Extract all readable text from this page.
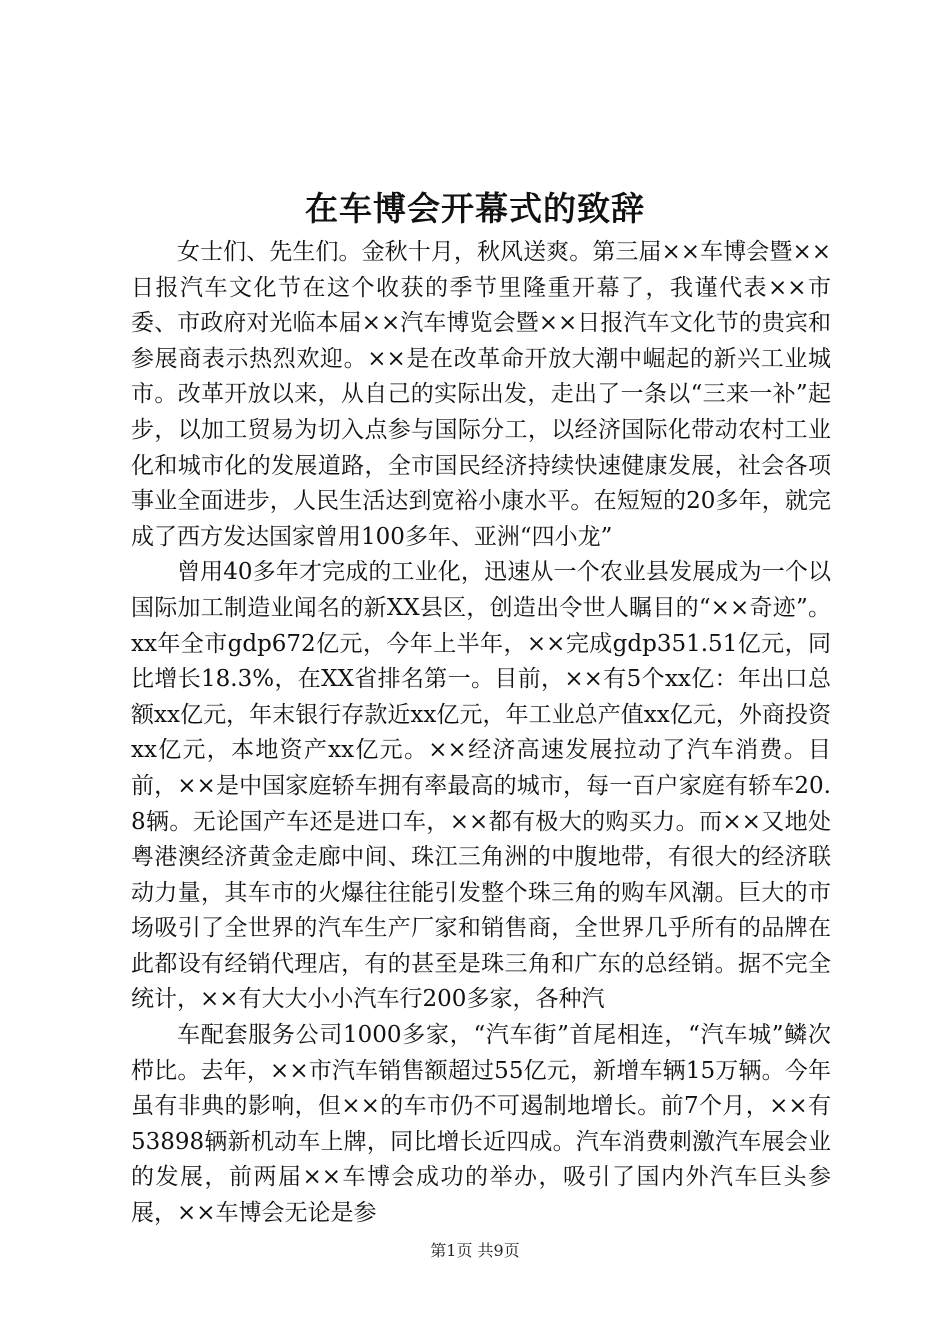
在车博会开幕式的致辞

女士们、先生们。金秋十月，秋风送爽。第三届××车博会暨××日报汽车文化节在这个收获的季节里隆重开幕了，我谨代表××市委、市政府对光临本届××汽车博览会暨××日报汽车文化节的贵宾和参展商表示热烈欢迎。××是在改革命开放大潮中崛起的新兴工业城市。改革开放以来，从自己的实际出发，走出了一条以“三来一补”起步，以加工贸易为切入点参与国际分工，以经济国际化带动农村工业化和城市化的发展道路，全市国民经济持续快速健康发展，社会各项事业全面进步，人民生活达到宽裕小康水平。在短短的20多年，就完成了西方发达国家曾用100多年、亚洲“四小龙”

曾用40多年才完成的工业化，迅速从一个农业县发展成为一个以国际加工制造业闻名的新XX县区，创造出令世人瞩目的“××奇迹”。xx年全市gdp672亿元，今年上半年，××完成gdp351.51亿元，同比增长18.3%，在XX省排名第一。目前，××有5个xx亿：年出口总额xx亿元，年末银行存款近xx亿元，年工业总产值xx亿元，外商投资xx亿元，本地资产xx亿元。××经济高速发展拉动了汽车消费。目前，××是中国家庭轿车拥有率最高的城市，每一百户家庭有轿车20.8辆。无论国产车还是进口车，××都有极大的购买力。而××又地处粤港澳经济黄金走廊中间、珠江三角洲的中腹地带，有很大的经济联动力量，其车市的火爆往往能引发整个珠三角的购车风潮。巨大的市场吸引了全世界的汽车生产厂家和销售商，全世界几乎所有的品牌在此都设有经销代理店，有的甚至是珠三角和广东的总经销。据不完全统计，××有大大小小汽车行200多家，各种汽

车配套服务公司1000多家，“汽车街”首尾相连，“汽车城”鳞次栉比。去年，××市汽车销售额超过55亿元，新增车辆15万辆。今年虽有非典的影响，但××的车市仍不可遏制地增长。前7个月，××有53898辆新机动车上牌，同比增长近四成。汽车消费刺激汽车展会业的发展，前两届××车博会成功的举办，吸引了国内外汽车巨头参展，××车博会无论是参

第1页 共9页
